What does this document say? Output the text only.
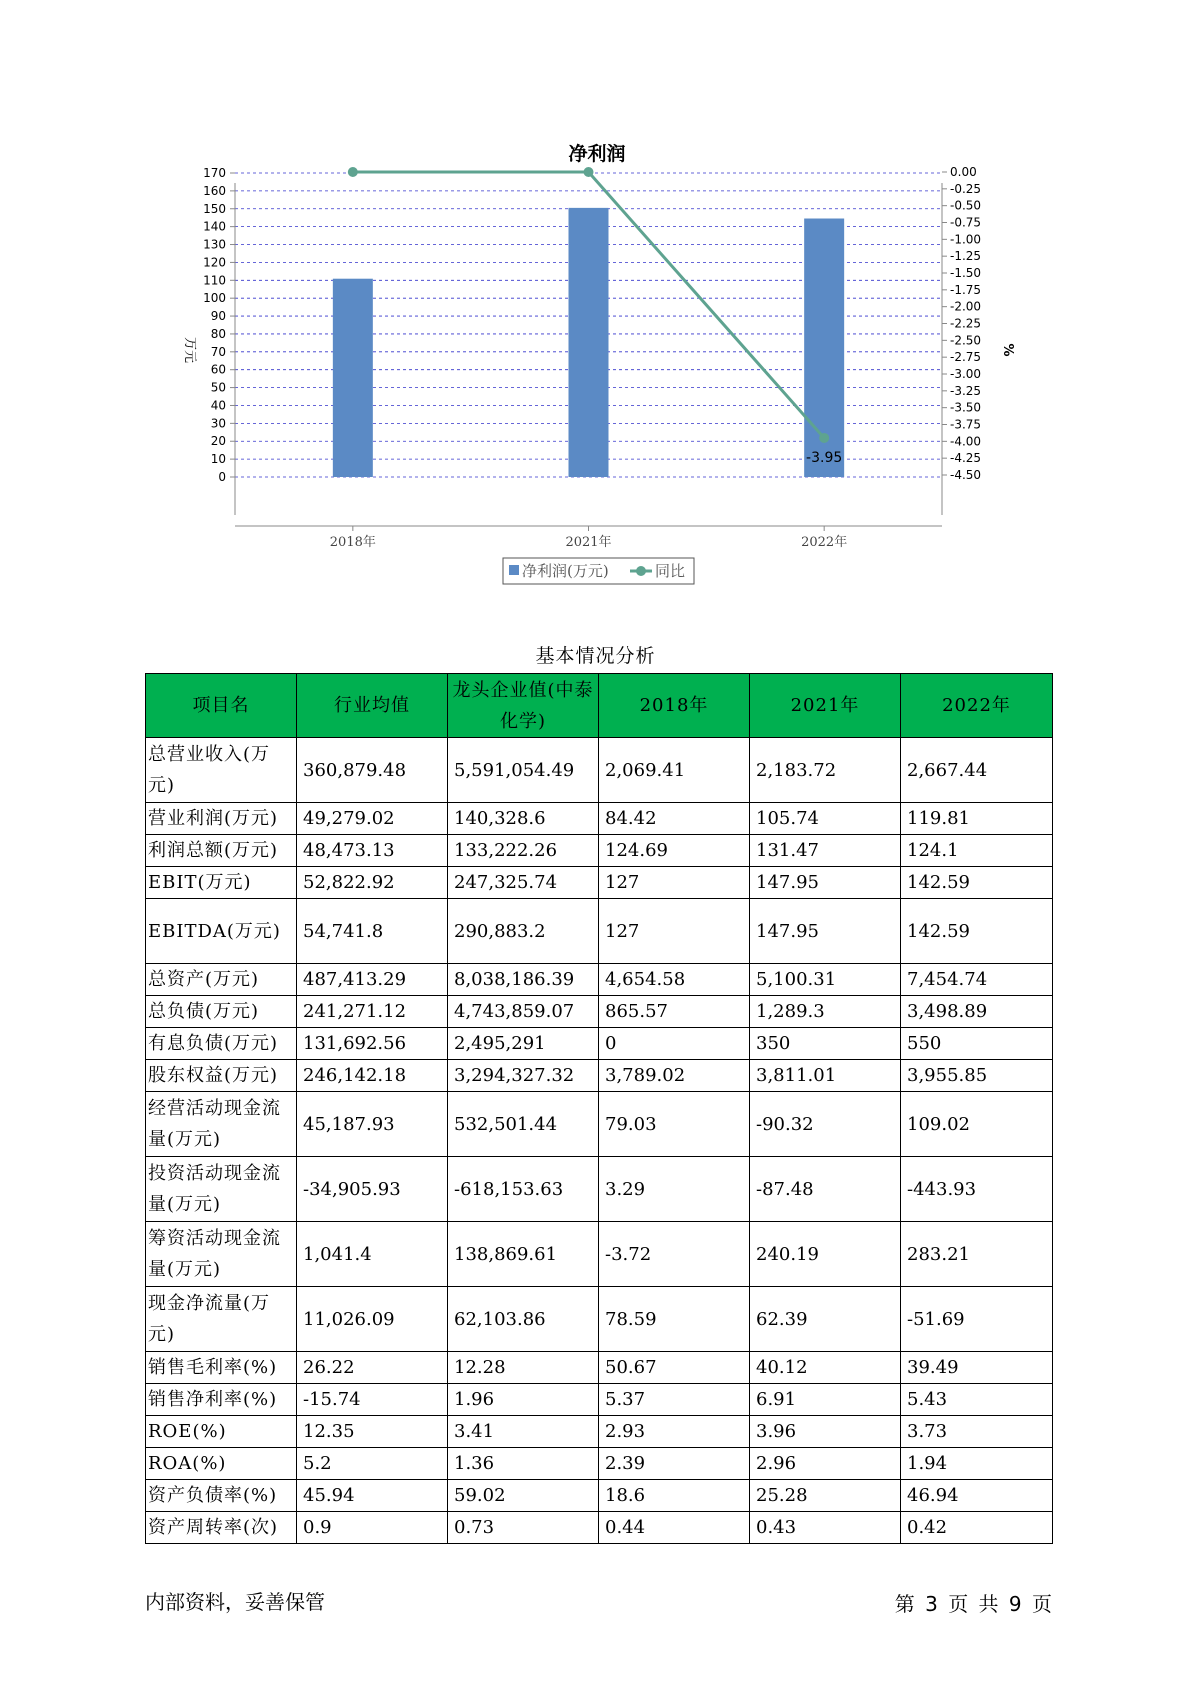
净利润
0
10
20
30
40
50
60
70
80
90
100
110
120
130
140
150
160
170	0.00
-0.25
-0.50
-0.75
-1.00
-1.25
-1.50
-1.75
-2.00
-2.25
-2.50
-2.75
-3.00
-3.25
-3.50
-3.75
-4.00
-4.25
-4.50
2018年	2021年	2022年
-3.95
万元	%
净利润(万元)	同比
基本情况分析
项目名	行业均值	龙头企业值(中泰化学)	2018年	2021年	2022年
总营业收入(万元)	360,879.48	5,591,054.49	2,069.41	2,183.72	2,667.44
营业利润(万元)	49,279.02	140,328.6	84.42	105.74	119.81
利润总额(万元)	48,473.13	133,222.26	124.69	131.47	124.1
EBIT(万元)	52,822.92	247,325.74	127	147.95	142.59
EBITDA(万元)	54,741.8	290,883.2	127	147.95	142.59
总资产(万元)	487,413.29	8,038,186.39	4,654.58	5,100.31	7,454.74
总负债(万元)	241,271.12	4,743,859.07	865.57	1,289.3	3,498.89
有息负债(万元)	131,692.56	2,495,291	0	350	550
股东权益(万元)	246,142.18	3,294,327.32	3,789.02	3,811.01	3,955.85
经营活动现金流量(万元)	45,187.93	532,501.44	79.03	-90.32	109.02
投资活动现金流量(万元)	-34,905.93	-618,153.63	3.29	-87.48	-443.93
筹资活动现金流量(万元)	1,041.4	138,869.61	-3.72	240.19	283.21
现金净流量(万元)	11,026.09	62,103.86	78.59	62.39	-51.69
销售毛利率(%)	26.22	12.28	50.67	40.12	39.49
销售净利率(%)	-15.74	1.96	5.37	6.91	5.43
ROE(%)	12.35	3.41	2.93	3.96	3.73
ROA(%)	5.2	1.36	2.39	2.96	1.94
资产负债率(%)	45.94	59.02	18.6	25.28	46.94
资产周转率(次)	0.9	0.73	0.44	0.43	0.42
内部资料，妥善保管	第 3 页 共 9 页
